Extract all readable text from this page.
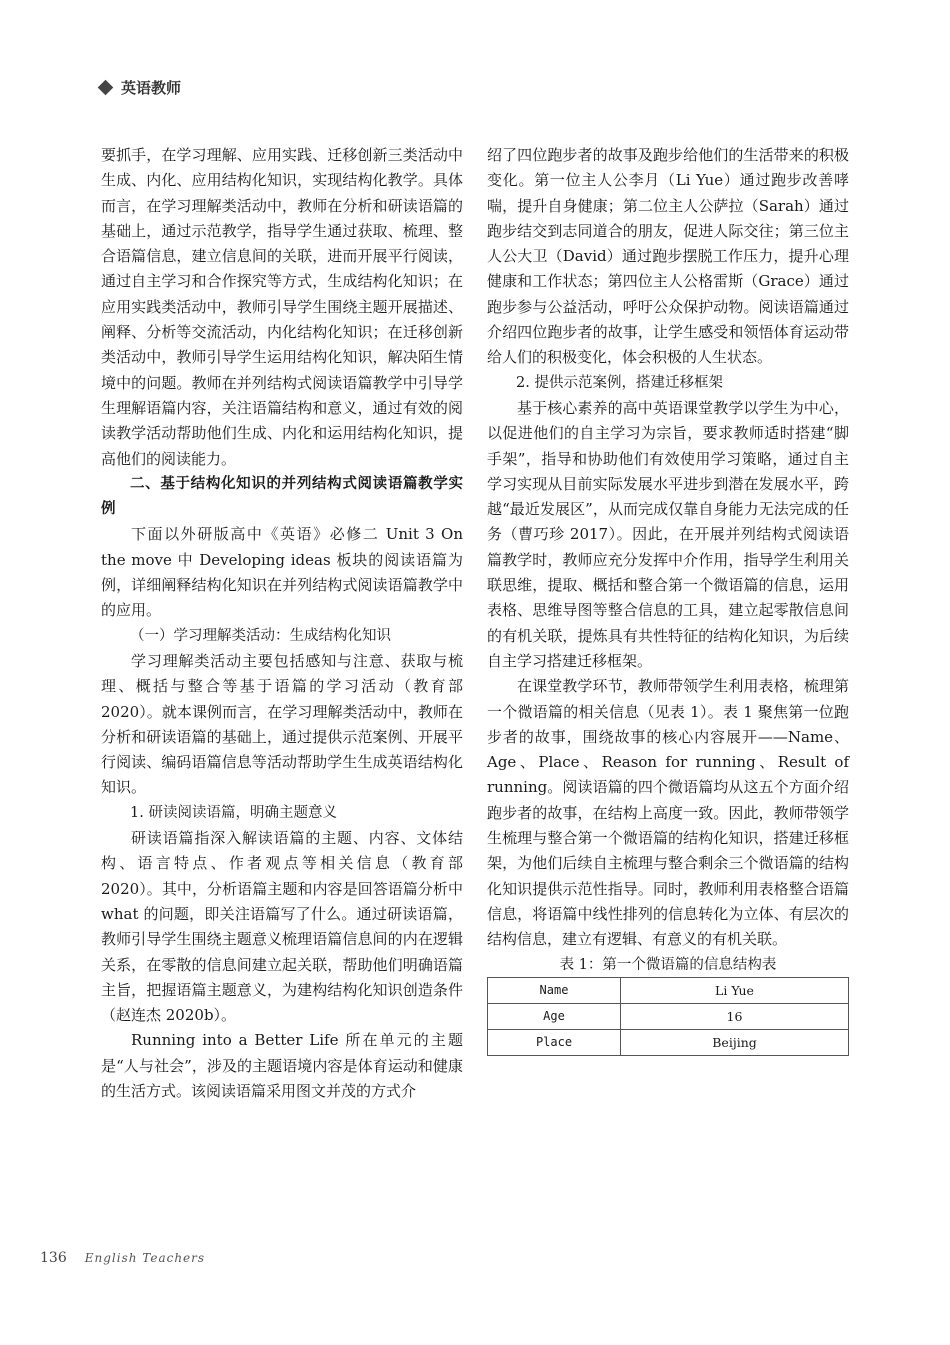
英语教师

要抓手，在学习理解、应用实践、迁移创新三类活动中生成、内化、应用结构化知识，实现结构化教学。具体而言，在学习理解类活动中，教师在分析和研读语篇的基础上，通过示范教学，指导学生通过获取、梳理、整合语篇信息，建立信息间的关联，进而开展平行阅读，通过自主学习和合作探究等方式，生成结构化知识；在应用实践类活动中，教师引导学生围绕主题开展描述、阐释、分析等交流活动，内化结构化知识；在迁移创新类活动中，教师引导学生运用结构化知识，解决陌生情境中的问题。教师在并列结构式阅读语篇教学中引导学生理解语篇内容，关注语篇结构和意义，通过有效的阅读教学活动帮助他们生成、内化和运用结构化知识，提高他们的阅读能力。

二、基于结构化知识的并列结构式阅读语篇教学实例

下面以外研版高中《英语》必修二 Unit 3 On the move 中 Developing ideas 板块的阅读语篇为例，详细阐释结构化知识在并列结构式阅读语篇教学中的应用。

（一）学习理解类活动：生成结构化知识

学习理解类活动主要包括感知与注意、获取与梳理、概括与整合等基于语篇的学习活动（教育部 2020）。就本课例而言，在学习理解类活动中，教师在分析和研读语篇的基础上，通过提供示范案例、开展平行阅读、编码语篇信息等活动帮助学生生成英语结构化知识。

1. 研读阅读语篇，明确主题意义

研读语篇指深入解读语篇的主题、内容、文体结构、语言特点、作者观点等相关信息（教育部 2020）。其中，分析语篇主题和内容是回答语篇分析中 what 的问题，即关注语篇写了什么。通过研读语篇，教师引导学生围绕主题意义梳理语篇信息间的内在逻辑关系，在零散的信息间建立起关联，帮助他们明确语篇主旨，把握语篇主题意义，为建构结构化知识创造条件（赵连杰 2020b）。

Running into a Better Life 所在单元的主题是“人与社会”，涉及的主题语境内容是体育运动和健康的生活方式。该阅读语篇采用图文并茂的方式介

绍了四位跑步者的故事及跑步给他们的生活带来的积极变化。第一位主人公李月（Li Yue）通过跑步改善哮喘，提升自身健康；第二位主人公萨拉（Sarah）通过跑步结交到志同道合的朋友，促进人际交往；第三位主人公大卫（David）通过跑步摆脱工作压力，提升心理健康和工作状态；第四位主人公格雷斯（Grace）通过跑步参与公益活动，呼吁公众保护动物。阅读语篇通过介绍四位跑步者的故事，让学生感受和领悟体育运动带给人们的积极变化，体会积极的人生状态。

2. 提供示范案例，搭建迁移框架

基于核心素养的高中英语课堂教学以学生为中心，以促进他们的自主学习为宗旨，要求教师适时搭建“脚手架”，指导和协助他们有效使用学习策略，通过自主学习实现从目前实际发展水平进步到潜在发展水平，跨越“最近发展区”，从而完成仅靠自身能力无法完成的任务（曹巧珍 2017）。因此，在开展并列结构式阅读语篇教学时，教师应充分发挥中介作用，指导学生利用关联思维，提取、概括和整合第一个微语篇的信息，运用表格、思维导图等整合信息的工具，建立起零散信息间的有机关联，提炼具有共性特征的结构化知识，为后续自主学习搭建迁移框架。

在课堂教学环节，教师带领学生利用表格，梳理第一个微语篇的相关信息（见表 1）。表 1 聚焦第一位跑步者的故事，围绕故事的核心内容展开——Name、Age、Place、Reason for running、Result of running。阅读语篇的四个微语篇均从这五个方面介绍跑步者的故事，在结构上高度一致。因此，教师带领学生梳理与整合第一个微语篇的结构化知识，搭建迁移框架，为他们后续自主梳理与整合剩余三个微语篇的结构化知识提供示范性指导。同时，教师利用表格整合语篇信息，将语篇中线性排列的信息转化为立体、有层次的结构信息，建立有逻辑、有意义的有机关联。

表 1：第一个微语篇的信息结构表
Name	Li Yue
Age	16
Place	Beijing
136 English Teachers
